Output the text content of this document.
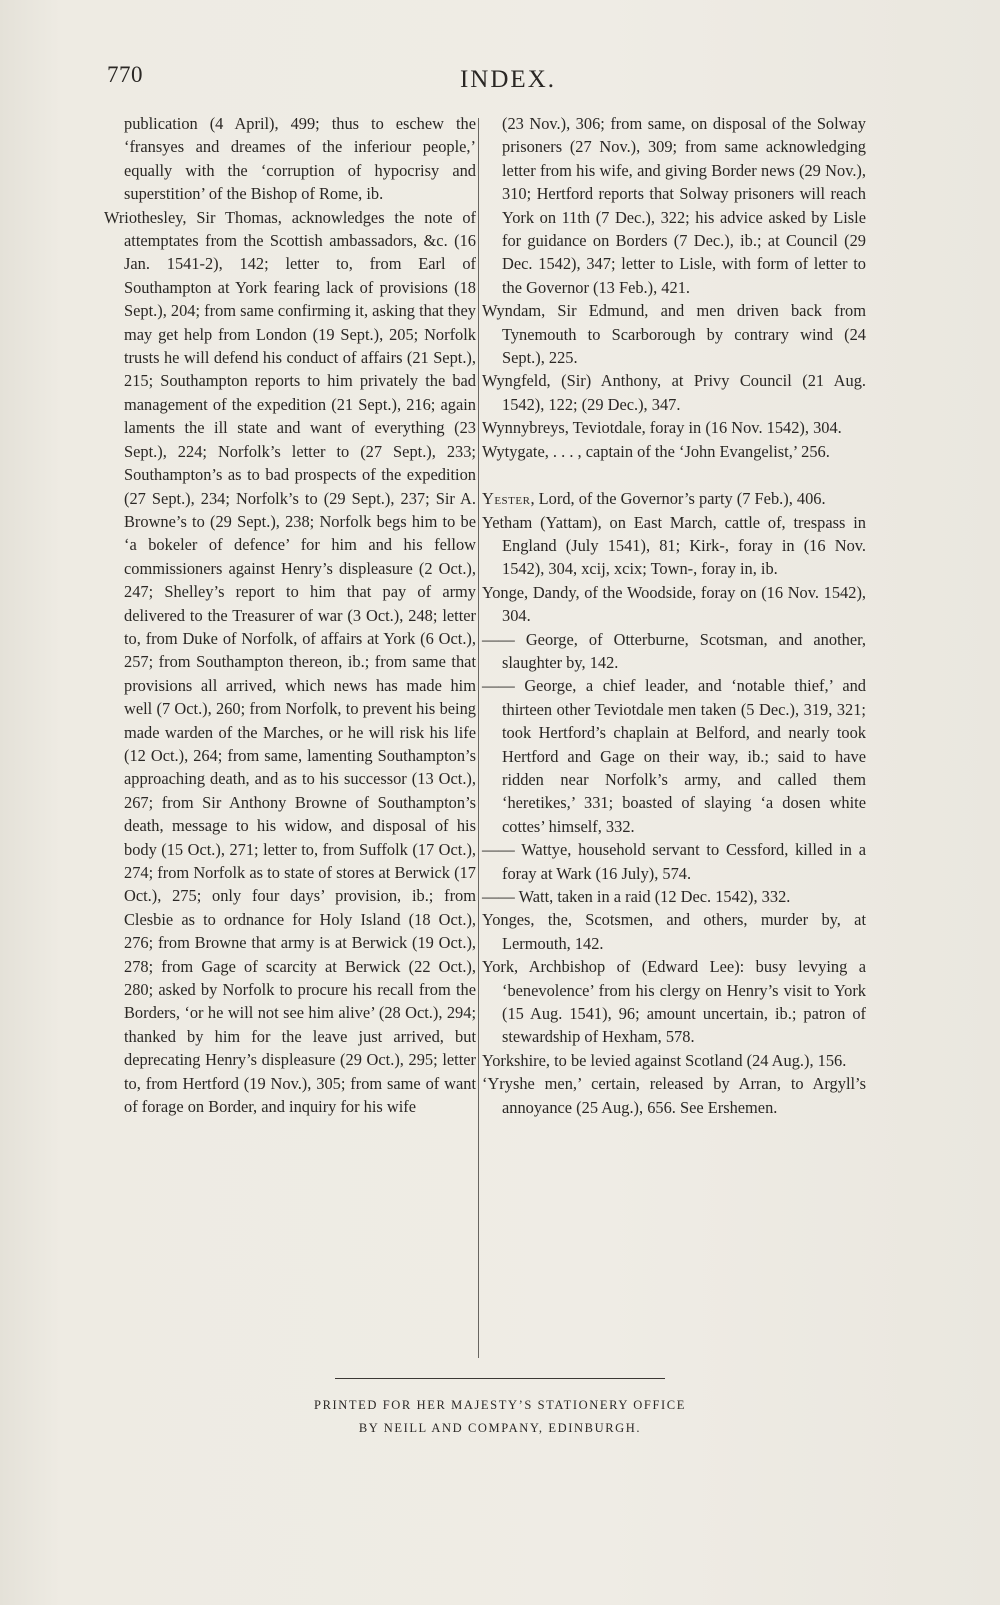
770	INDEX.

publication (4 April), 499; thus to eschew the ‘fransyes and dreames of the inferiour people,’ equally with the ‘corruption of hypocrisy and superstition’ of the Bishop of Rome, ib.

Wriothesley, Sir Thomas, acknowledges the note of attemptates from the Scottish ambassadors, &c. (16 Jan. 1541-2), 142; letter to, from Earl of Southampton at York fearing lack of provisions (18 Sept.), 204; from same confirming it, asking that they may get help from London (19 Sept.), 205; Norfolk trusts he will defend his conduct of affairs (21 Sept.), 215; Southampton reports to him privately the bad management of the expedition (21 Sept.), 216; again laments the ill state and want of everything (23 Sept.), 224; Norfolk’s letter to (27 Sept.), 233; Southampton’s as to bad prospects of the expedition (27 Sept.), 234; Norfolk’s to (29 Sept.), 237; Sir A. Browne’s to (29 Sept.), 238; Norfolk begs him to be ‘a bokeler of defence’ for him and his fellow commissioners against Henry’s displeasure (2 Oct.), 247; Shelley’s report to him that pay of army delivered to the Treasurer of war (3 Oct.), 248; letter to, from Duke of Norfolk, of affairs at York (6 Oct.), 257; from Southampton thereon, ib.; from same that provisions all arrived, which news has made him well (7 Oct.), 260; from Norfolk, to prevent his being made warden of the Marches, or he will risk his life (12 Oct.), 264; from same, lamenting Southampton’s approaching death, and as to his successor (13 Oct.), 267; from Sir Anthony Browne of Southampton’s death, message to his widow, and disposal of his body (15 Oct.), 271; letter to, from Suffolk (17 Oct.), 274; from Norfolk as to state of stores at Berwick (17 Oct.), 275; only four days’ provision, ib.; from Clesbie as to ordnance for Holy Island (18 Oct.), 276; from Browne that army is at Berwick (19 Oct.), 278; from Gage of scarcity at Berwick (22 Oct.), 280; asked by Norfolk to procure his recall from the Borders, ‘or he will not see him alive’ (28 Oct.), 294; thanked by him for the leave just arrived, but deprecating Henry’s displeasure (29 Oct.), 295; letter to, from Hertford (19 Nov.), 305; from same of want of forage on Border, and inquiry for his wife

(23 Nov.), 306; from same, on disposal of the Solway prisoners (27 Nov.), 309; from same acknowledging letter from his wife, and giving Border news (29 Nov.), 310; Hertford reports that Solway prisoners will reach York on 11th (7 Dec.), 322; his advice asked by Lisle for guidance on Borders (7 Dec.), ib.; at Council (29 Dec. 1542), 347; letter to Lisle, with form of letter to the Governor (13 Feb.), 421.

Wyndam, Sir Edmund, and men driven back from Tynemouth to Scarborough by contrary wind (24 Sept.), 225.

Wyngfeld, (Sir) Anthony, at Privy Council (21 Aug. 1542), 122; (29 Dec.), 347.

Wynnybreys, Teviotdale, foray in (16 Nov. 1542), 304.

Wytygate, . . . , captain of the ‘John Evangelist,’ 256.

Yester, Lord, of the Governor’s party (7 Feb.), 406.

Yetham (Yattam), on East March, cattle of, trespass in England (July 1541), 81; Kirk-, foray in (16 Nov. 1542), 304, xcij, xcix; Town-, foray in, ib.

Yonge, Dandy, of the Woodside, foray on (16 Nov. 1542), 304.

—— George, of Otterburne, Scotsman, and another, slaughter by, 142.

—— George, a chief leader, and ‘notable thief,’ and thirteen other Teviotdale men taken (5 Dec.), 319, 321; took Hertford’s chaplain at Belford, and nearly took Hertford and Gage on their way, ib.; said to have ridden near Norfolk’s army, and called them ‘heretikes,’ 331; boasted of slaying ‘a dosen white cottes’ himself, 332.

—— Wattye, household servant to Cessford, killed in a foray at Wark (16 July), 574.

—— Watt, taken in a raid (12 Dec. 1542), 332.

Yonges, the, Scotsmen, and others, murder by, at Lermouth, 142.

York, Archbishop of (Edward Lee): busy levying a ‘benevolence’ from his clergy on Henry’s visit to York (15 Aug. 1541), 96; amount uncertain, ib.; patron of stewardship of Hexham, 578.

Yorkshire, to be levied against Scotland (24 Aug.), 156.

‘Yryshe men,’ certain, released by Arran, to Argyll’s annoyance (25 Aug.), 656. See Ershemen.

PRINTED FOR HER MAJESTY’S STATIONERY OFFICE
BY NEILL AND COMPANY, EDINBURGH.
